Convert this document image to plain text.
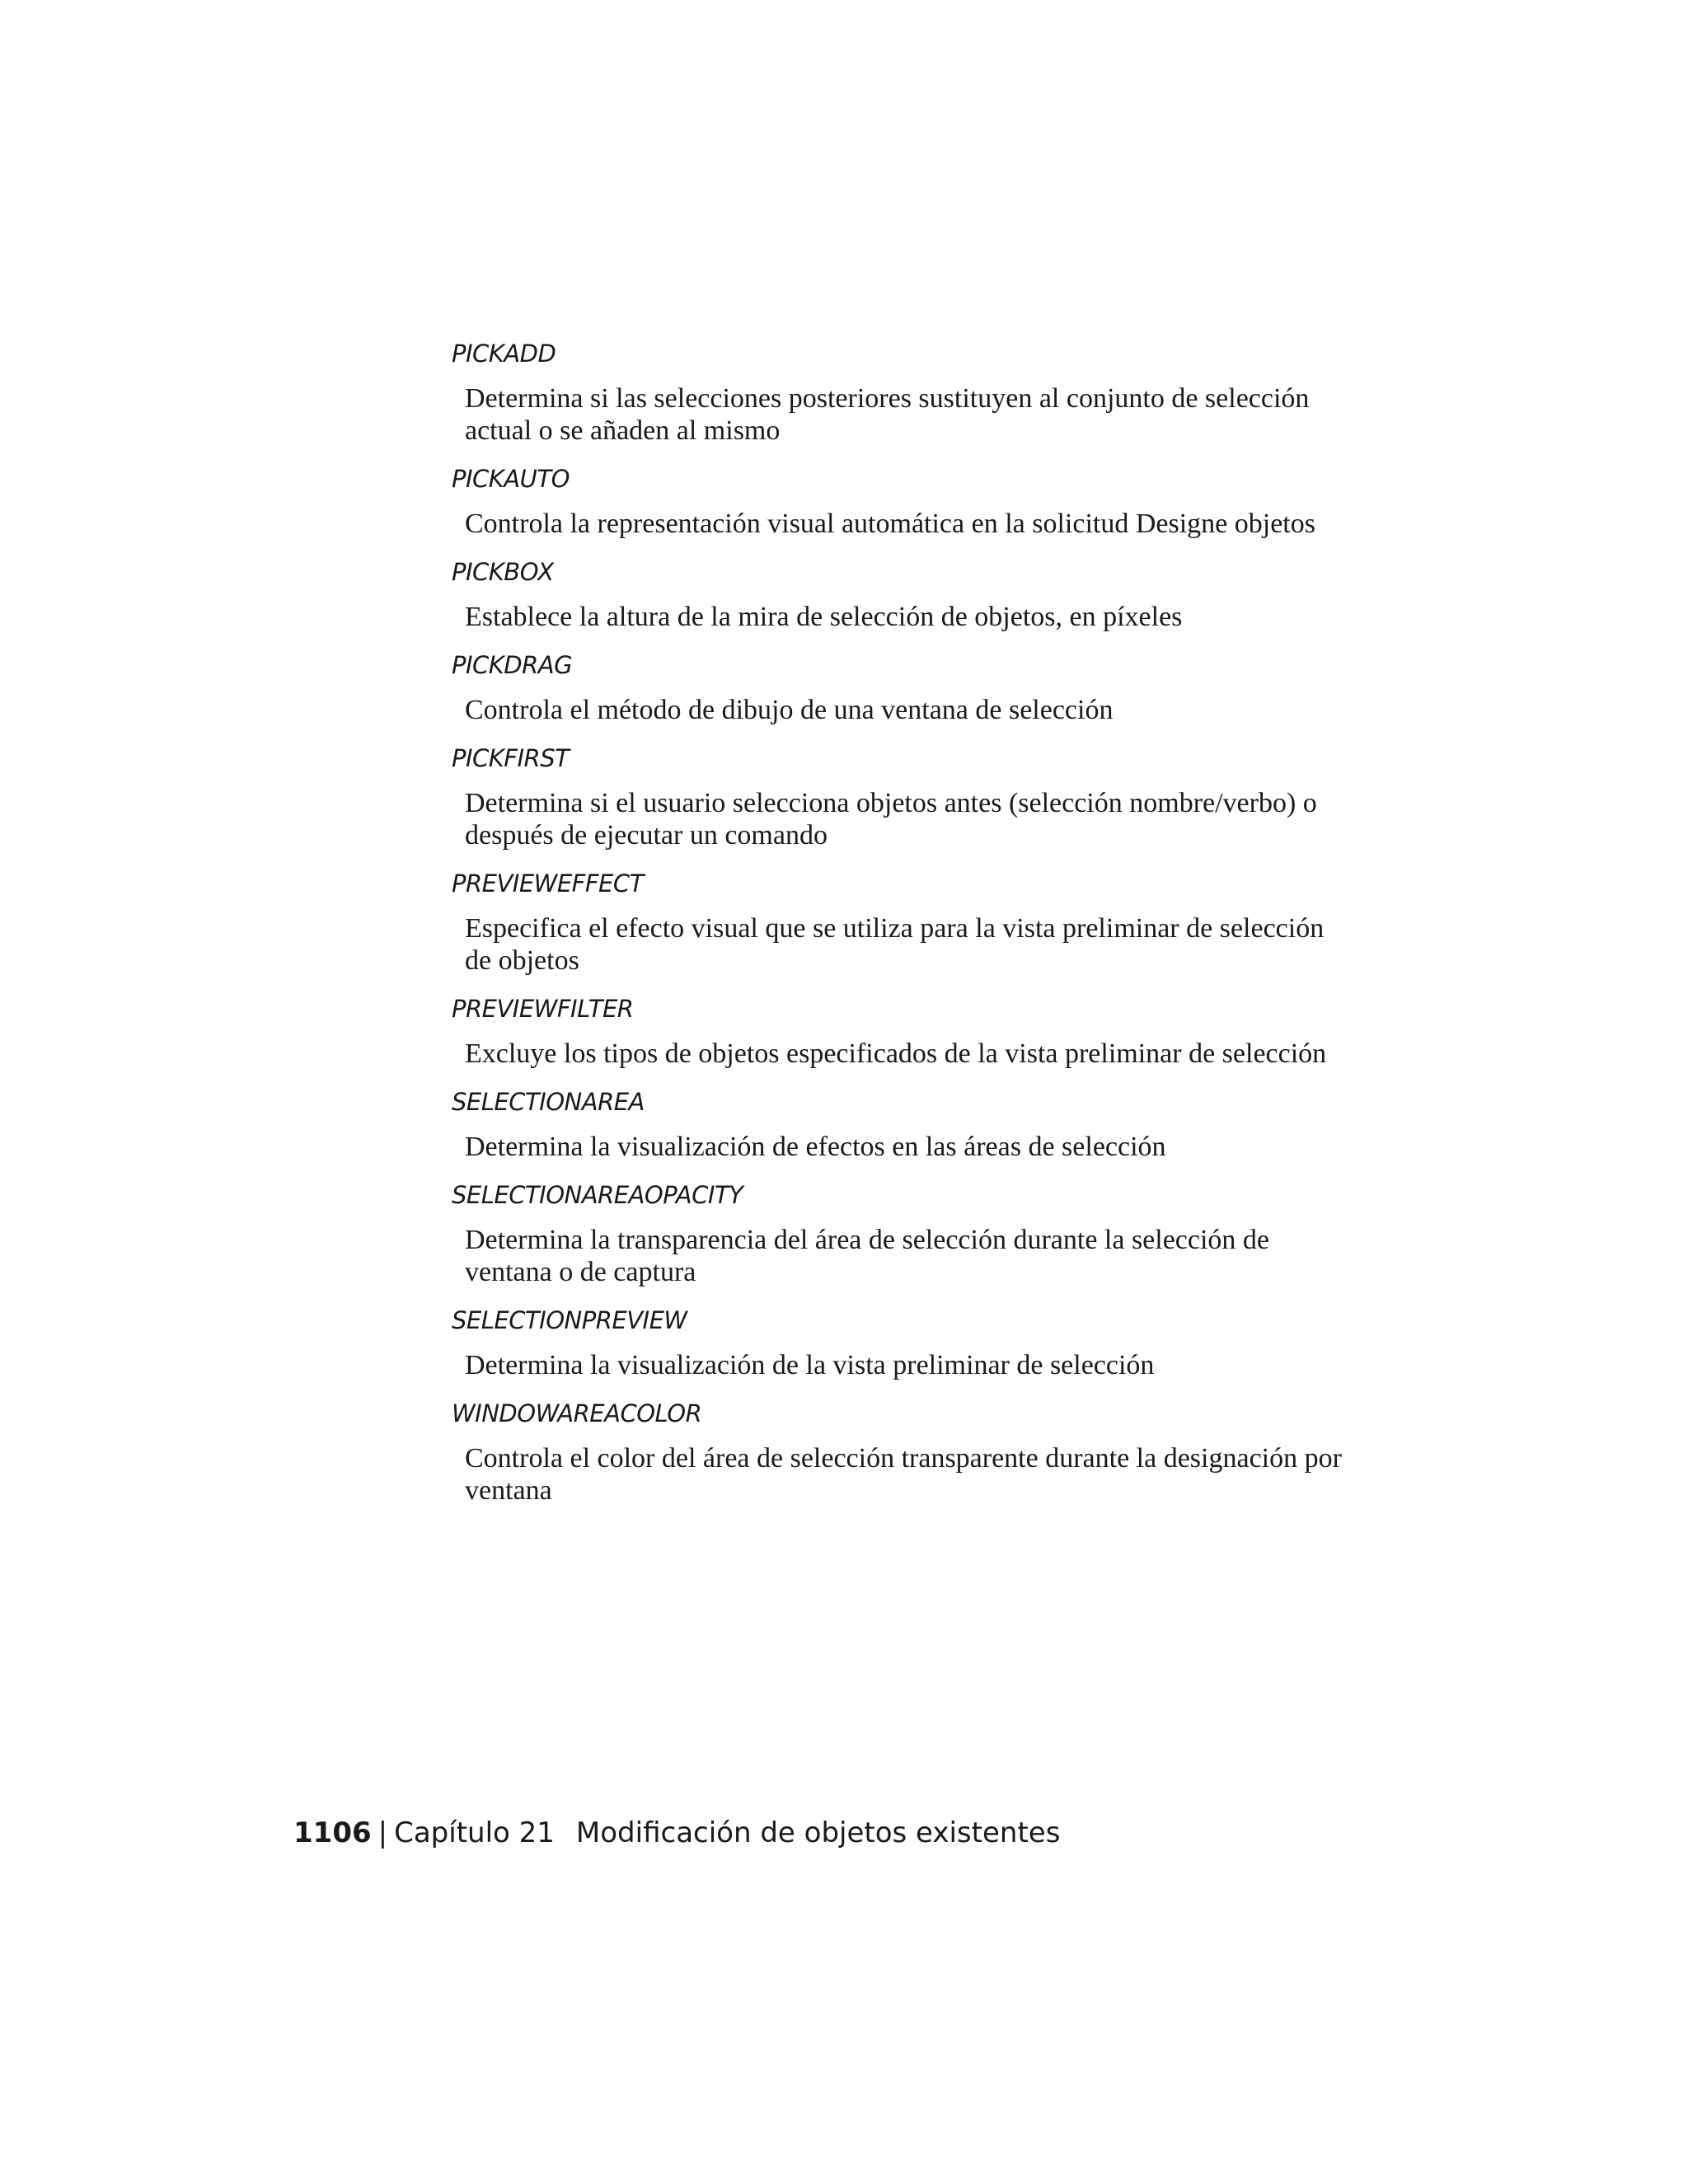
PICKADD

Determina si las selecciones posteriores sustituyen al conjunto de selección actual o se añaden al mismo

PICKAUTO

Controla la representación visual automática en la solicitud Designe objetos

PICKBOX

Establece la altura de la mira de selección de objetos, en píxeles

PICKDRAG

Controla el método de dibujo de una ventana de selección

PICKFIRST

Determina si el usuario selecciona objetos antes (selección nombre/verbo) o después de ejecutar un comando

PREVIEWEFFECT

Especifica el efecto visual que se utiliza para la vista preliminar de selección de objetos

PREVIEWFILTER

Excluye los tipos de objetos especificados de la vista preliminar de selección

SELECTIONAREA

Determina la visualización de efectos en las áreas de selección

SELECTIONAREAOPACITY

Determina la transparencia del área de selección durante la selección de ventana o de captura

SELECTIONPREVIEW

Determina la visualización de la vista preliminar de selección

WINDOWAREACOLOR

Controla el color del área de selección transparente durante la designación por ventana

1106 | Capítulo 21 Modificación de objetos existentes
